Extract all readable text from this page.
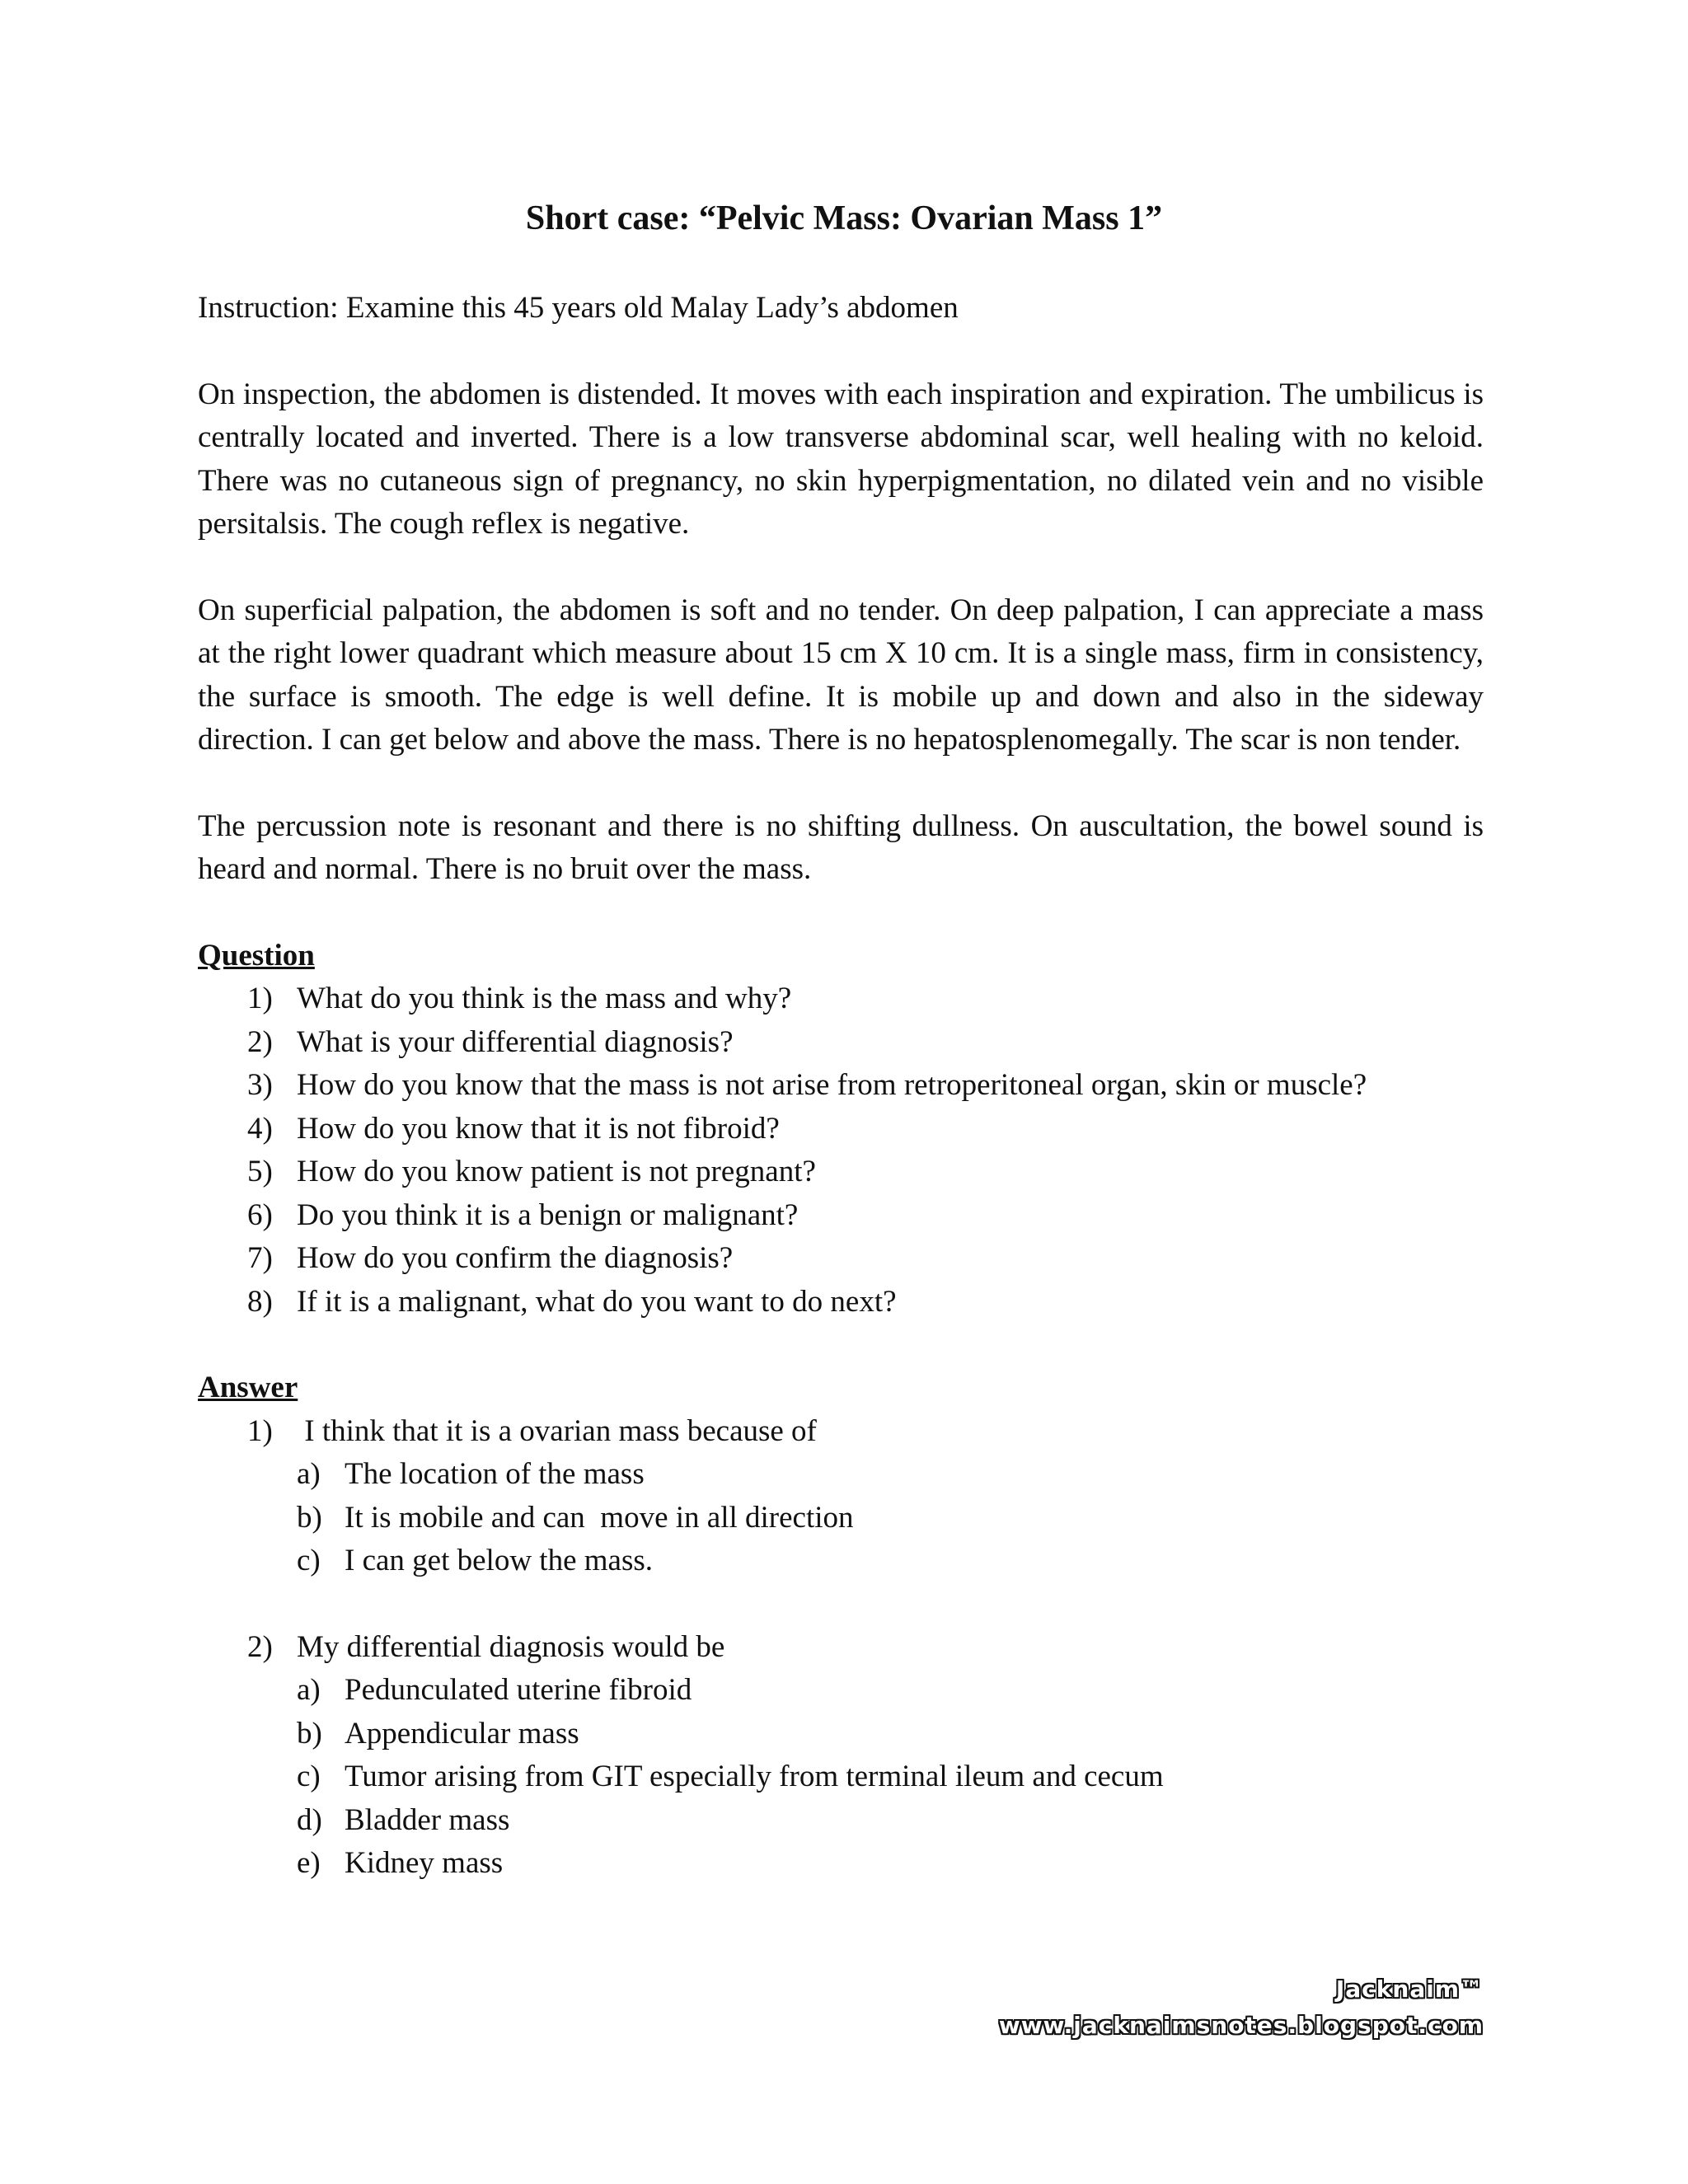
Short case: “Pelvic Mass: Ovarian Mass 1”

Instruction: Examine this 45 years old Malay Lady’s abdomen

On inspection, the abdomen is distended. It moves with each inspiration and expiration. The umbilicus is centrally located and inverted. There is a low transverse abdominal scar, well healing with no keloid. There was no cutaneous sign of pregnancy, no skin hyperpigmentation, no dilated vein and no visible persitalsis. The cough reflex is negative.

On superficial palpation, the abdomen is soft and no tender. On deep palpation, I can appreciate a mass at the right lower quadrant which measure about 15 cm X 10 cm. It is a single mass, firm in consistency, the surface is smooth. The edge is well define. It is mobile up and down and also in the sideway direction. I can get below and above the mass. There is no hepatosplenomegally. The scar is non tender.

The percussion note is resonant and there is no shifting dullness. On auscultation, the bowel sound is heard and normal. There is no bruit over the mass.

Question
1) What do you think is the mass and why?
2) What is your differential diagnosis?
3) How do you know that the mass is not arise from retroperitoneal organ, skin or muscle?
4) How do you know that it is not fibroid?
5) How do you know patient is not pregnant?
6) Do you think it is a benign or malignant?
7) How do you confirm the diagnosis?
8) If it is a malignant, what do you want to do next?
Answer
1) I think that it is a ovarian mass because of
a) The location of the mass
b) It is mobile and can  move in all direction
c) I can get below the mass.
2) My differential diagnosis would be
a) Pedunculated uterine fibroid
b) Appendicular mass
c) Tumor arising from GIT especially from terminal ileum and cecum
d) Bladder mass
e) Kidney mass
Jacknaim™
www.jacknaimsnotes.blogspot.com
